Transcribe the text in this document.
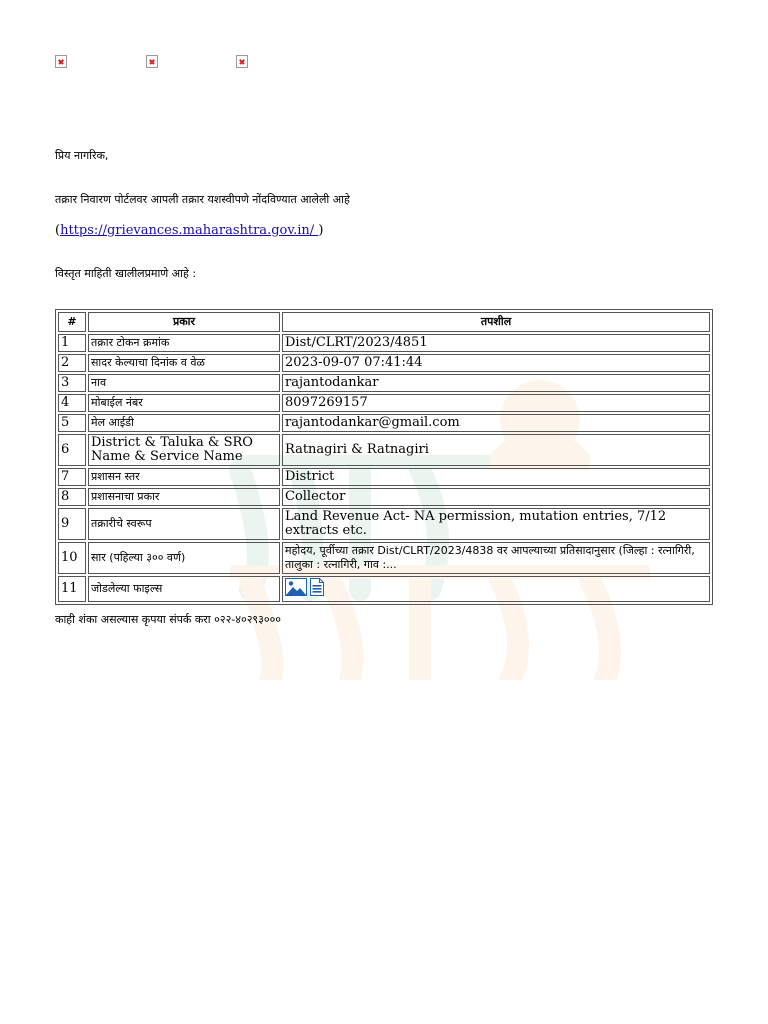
प्रिय नागरिक,
तक्रार निवारण पोर्टलवर आपली तक्रार यशस्वीपणे नोंदविण्यात आलेली आहे
(https://grievances.maharashtra.gov.in/ )
विस्तृत माहिती खालीलप्रमाणे आहे :
#	प्रकार	तपशील
1	तक्रार टोकन क्रमांक	Dist/CLRT/2023/4851
2	सादर केल्याचा दिनांक व वेळ	2023-09-07 07:41:44
3	नाव	rajantodankar
4	मोबाईल नंबर	8097269157
5	मेल आईडी	rajantodankar@gmail.com
6	District & Taluka & SRO Name & Service Name	Ratnagiri & Ratnagiri
7	प्रशासन स्तर	District
8	प्रशासनाचा प्रकार	Collector
9	तक्रारीचे स्वरूप	Land Revenue Act- NA permission, mutation entries, 7/12 extracts etc.
10	सार (पहिल्या ३०० वर्ण)	महोदय, पूर्वीच्या तक्रार Dist/CLRT/2023/4838 वर आपल्याच्या प्रतिसादानुसार (जिल्हा : रत्नागिरी, तालुका : रत्नागिरी, गाव :...
11	जोडलेल्या फाइल्स	
काही शंका असल्यास कृपया संपर्क करा ०२२-४०२९३०००
